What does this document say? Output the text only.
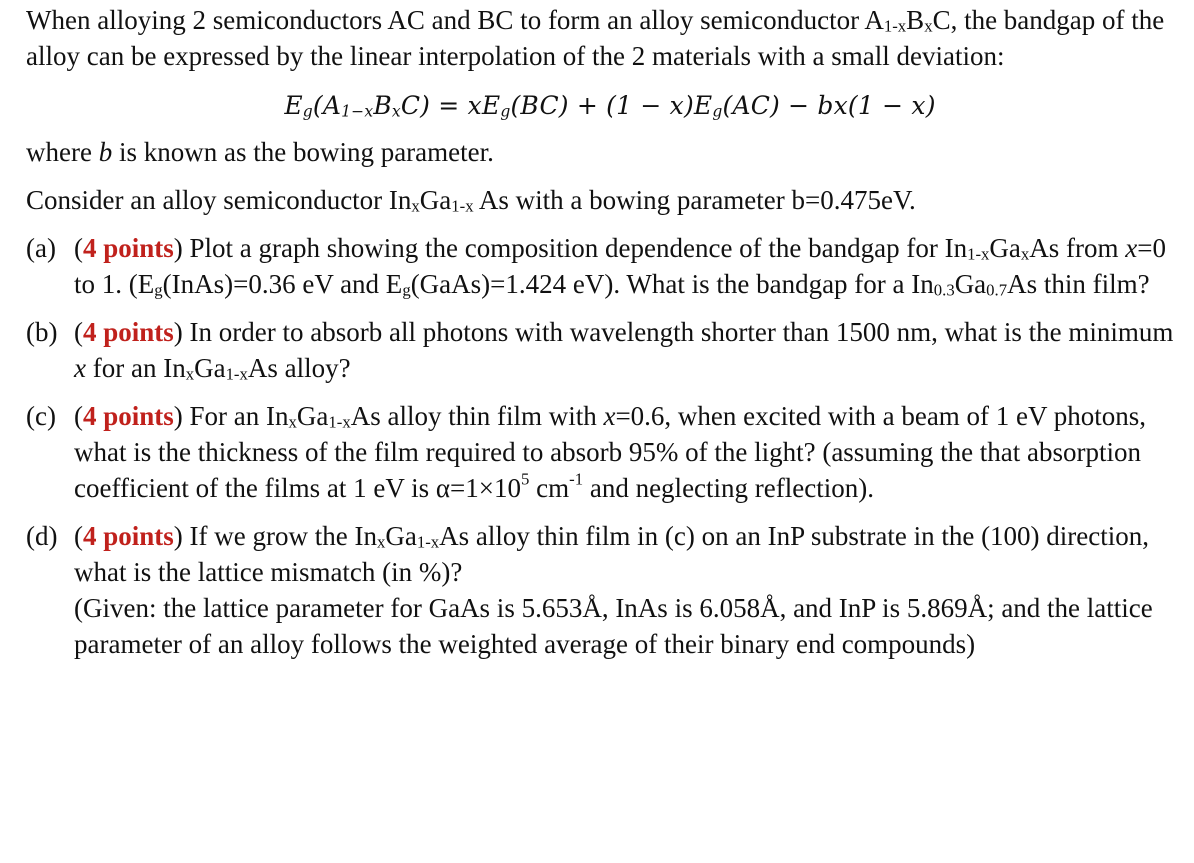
When alloying 2 semiconductors AC and BC to form an alloy semiconductor $A_{1-x}B_xC$, the bandgap of the alloy can be expressed by the linear interpolation of the 2 materials with a small deviation:

$E_g(A_{1-x}B_xC) = xE_g(BC) + (1 - x)E_g(AC) - bx(1 - x)$

where b is known as the bowing parameter.

Consider an alloy semiconductor $In_xGa_{1-x}$ As with a bowing parameter b=0.475eV.

(a) (4 points) Plot a graph showing the composition dependence of the bandgap for $In_{1-x}Ga_xAs$ from x=0 to 1. ($E_g(InAs)=0.36$ eV and $E_g(GaAs)=1.424$ eV). What is the bandgap for a $In_{0.3}Ga_{0.7}As$ thin film?
(b) (4 points) In order to absorb all photons with wavelength shorter than 1500 nm, what is the minimum x for an $In_xGa_{1-x}As$ alloy?
(c) (4 points) For an $In_xGa_{1-x}As$ alloy thin film with x=0.6, when excited with a beam of 1 eV photons, what is the thickness of the film required to absorb 95% of the light? (assuming the that absorption coefficient of the films at 1 eV is $\alpha=1\times 10^5$ $cm^{-1}$ and neglecting reflection).
(d) (4 points) If we grow the $In_xGa_{1-x}As$ alloy thin film in (c) on an InP substrate in the (100) direction, what is the lattice mismatch (in %)?
(Given: the lattice parameter for GaAs is 5.653Å, InAs is 6.058Å, and InP is 5.869Å; and the lattice parameter of an alloy follows the weighted average of their binary end compounds)
